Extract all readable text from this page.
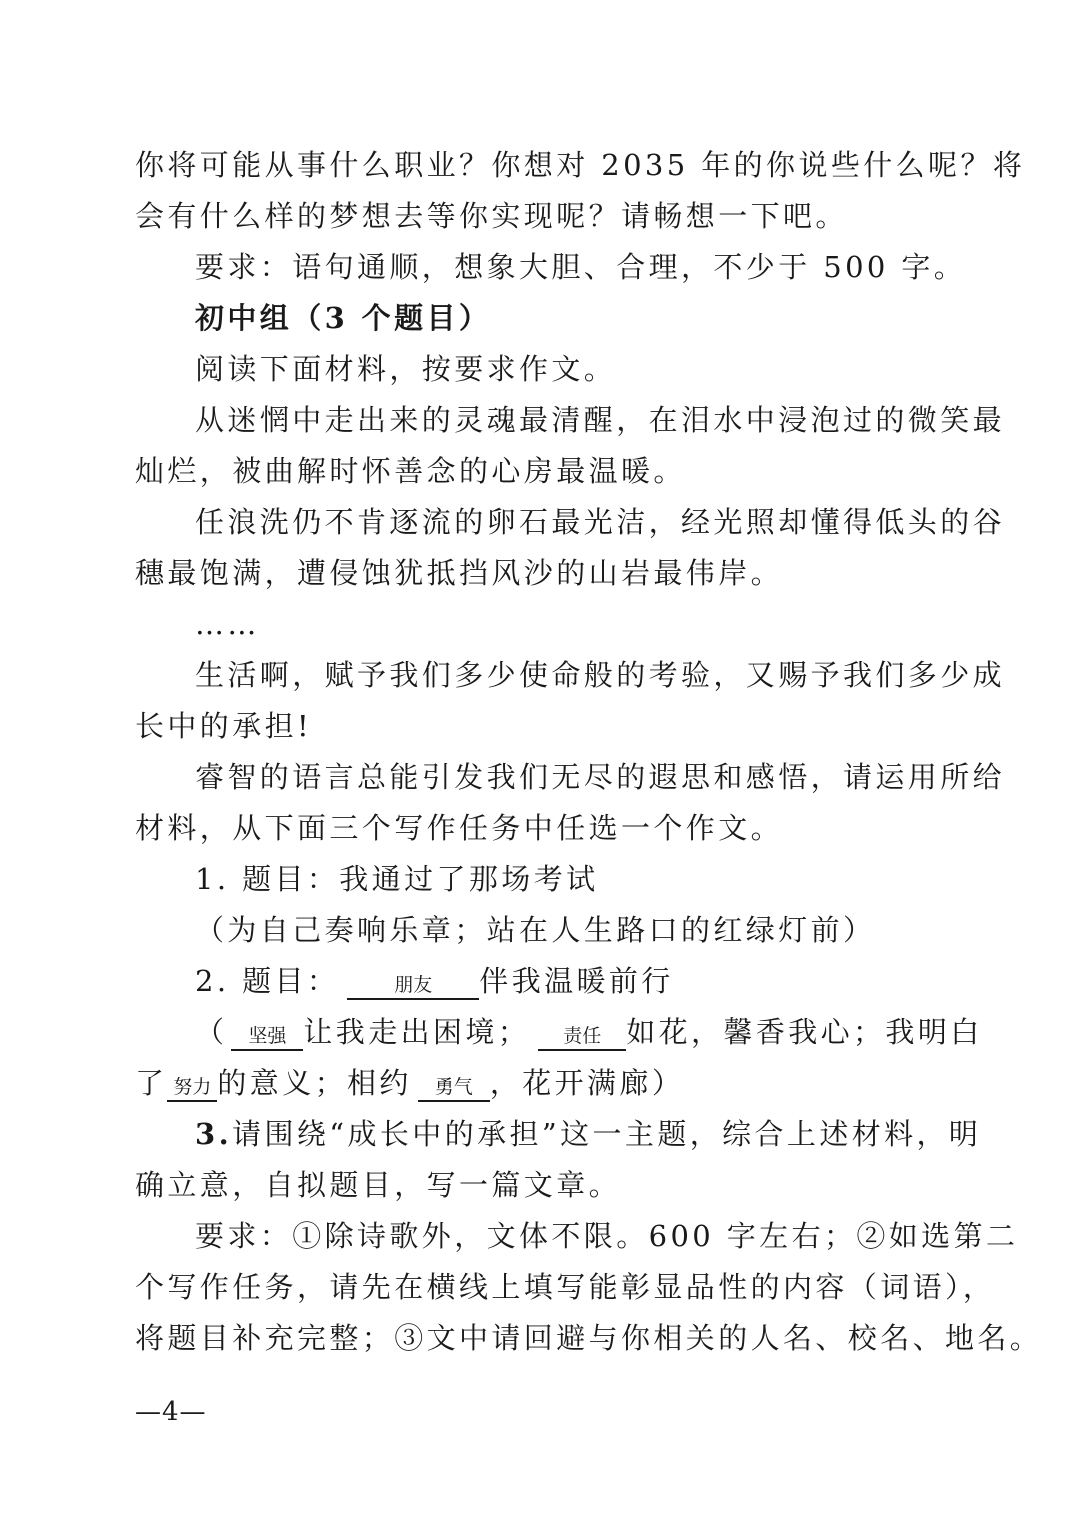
你将可能从事什么职业？你想对 2035 年的你说些什么呢？将
会有什么样的梦想去等你实现呢？请畅想一下吧。
要求：语句通顺，想象大胆、合理，不少于 500 字。
初中组（3 个题目）
阅读下面材料，按要求作文。
从迷惘中走出来的灵魂最清醒，在泪水中浸泡过的微笑最
灿烂，被曲解时怀善念的心房最温暖。
任浪洗仍不肯逐流的卵石最光洁，经光照却懂得低头的谷
穗最饱满，遭侵蚀犹抵挡风沙的山岩最伟岸。
……
生活啊，赋予我们多少使命般的考验，又赐予我们多少成
长中的承担!
睿智的语言总能引发我们无尽的遐思和感悟，请运用所给
材料，从下面三个写作任务中任选一个作文。
1. 题目：我通过了那场考试
（为自己奏响乐章；站在人生路口的红绿灯前）
2. 题目：	朋友 伴我温暖前行
（ 坚强 让我走出困境； 责任 如花，馨香我心；我明白
了 努力 的意义；相约 勇气 ，花开满廊）
3.请围绕“成长中的承担”这一主题，综合上述材料，明
确立意，自拟题目，写一篇文章。
要求：①除诗歌外，文体不限。600 字左右；②如选第二
个写作任务，请先在横线上填写能彰显品性的内容（词语），
将题目补充完整；③文中请回避与你相关的人名、校名、地名。
—4—
